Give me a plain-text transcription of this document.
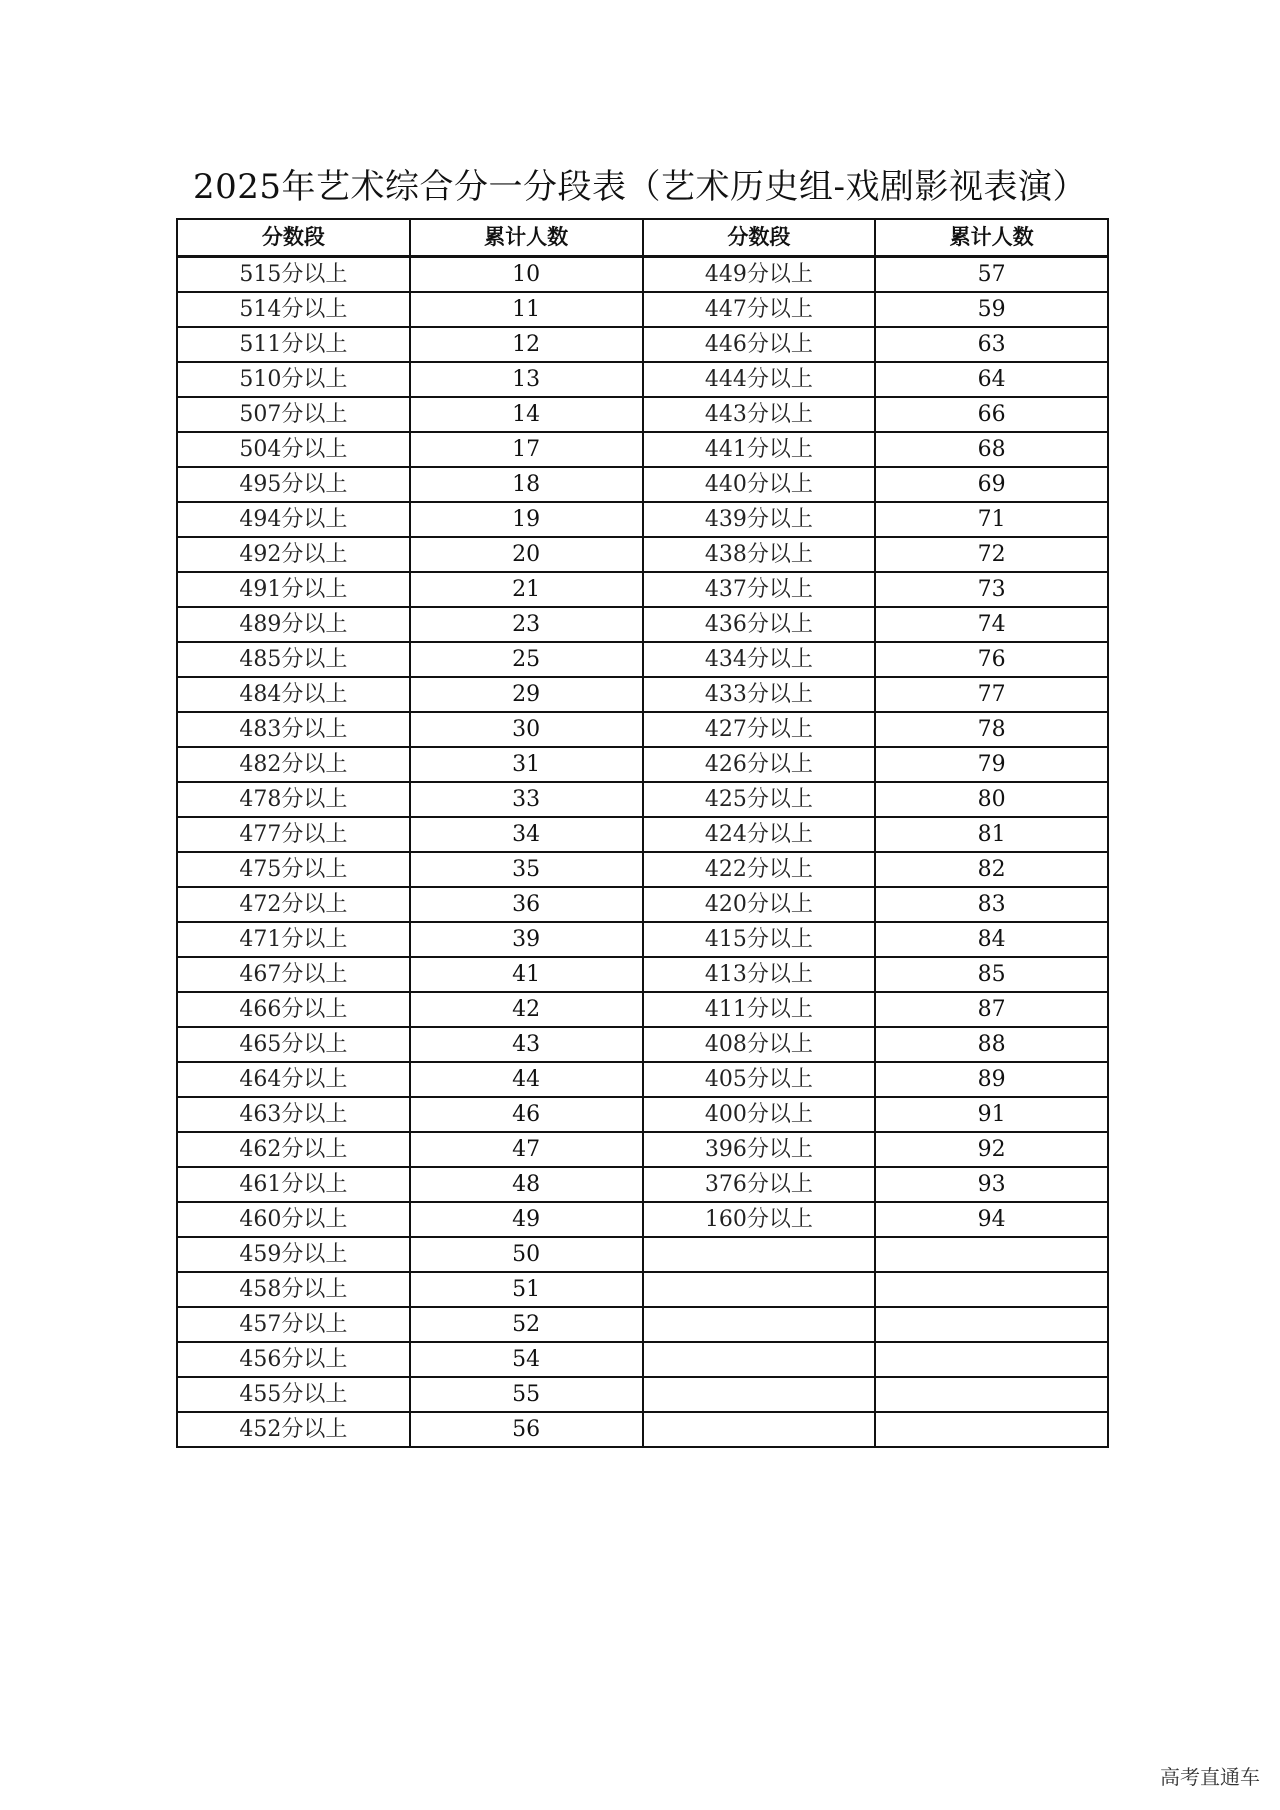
2025年艺术综合分一分段表（艺术历史组-戏剧影视表演）
分数段	累计人数	分数段	累计人数
515分以上	10	449分以上	57
514分以上	11	447分以上	59
511分以上	12	446分以上	63
510分以上	13	444分以上	64
507分以上	14	443分以上	66
504分以上	17	441分以上	68
495分以上	18	440分以上	69
494分以上	19	439分以上	71
492分以上	20	438分以上	72
491分以上	21	437分以上	73
489分以上	23	436分以上	74
485分以上	25	434分以上	76
484分以上	29	433分以上	77
483分以上	30	427分以上	78
482分以上	31	426分以上	79
478分以上	33	425分以上	80
477分以上	34	424分以上	81
475分以上	35	422分以上	82
472分以上	36	420分以上	83
471分以上	39	415分以上	84
467分以上	41	413分以上	85
466分以上	42	411分以上	87
465分以上	43	408分以上	88
464分以上	44	405分以上	89
463分以上	46	400分以上	91
462分以上	47	396分以上	92
461分以上	48	376分以上	93
460分以上	49	160分以上	94
459分以上	50		
458分以上	51		
457分以上	52		
456分以上	54		
455分以上	55		
452分以上	56		
高考直通车
